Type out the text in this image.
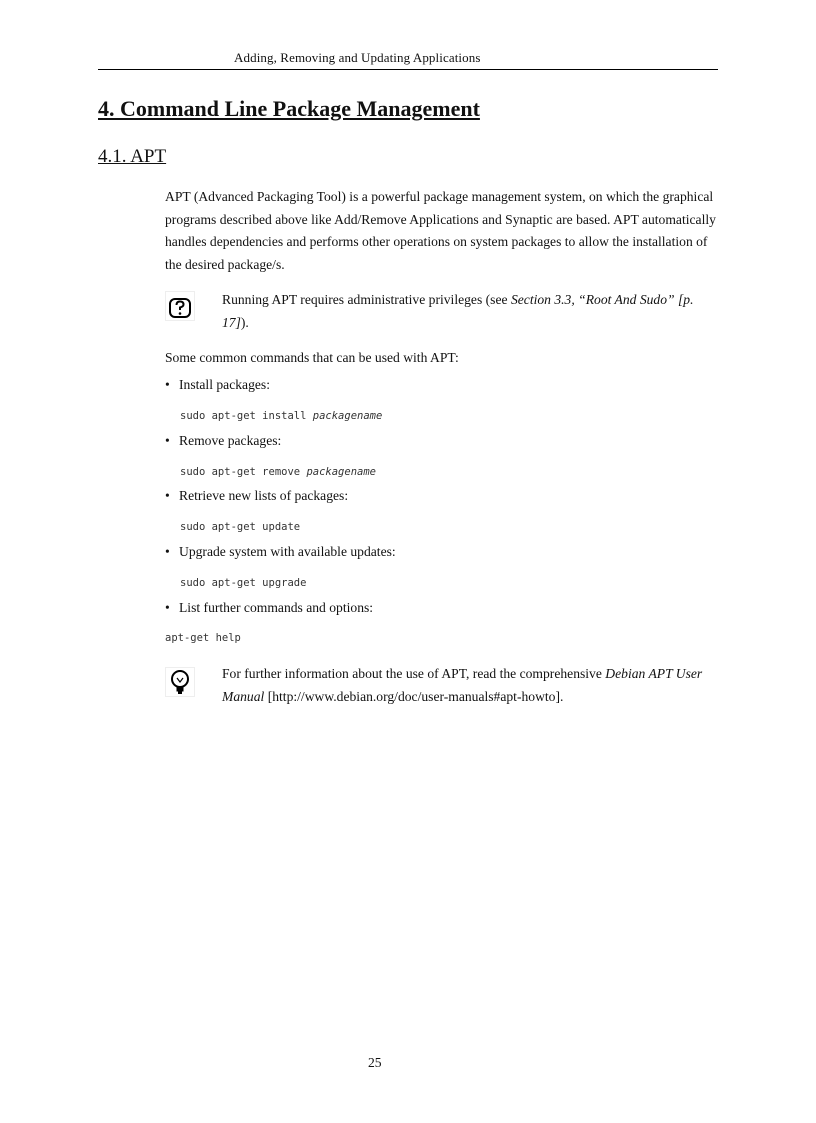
Adding, Removing and Updating Applications
4. Command Line Package Management
4.1. APT

APT (Advanced Packaging Tool) is a powerful package management system, on which the graphical programs described above like Add/Remove Applications and Synaptic are based. APT automatically handles dependencies and performs other operations on system packages to allow the installation of the desired package/s.

Running APT requires administrative privileges (see Section 3.3, “Root And Sudo” [p. 17]).
Some common commands that can be used with APT:
• Install packages:
sudo apt-get install packagename
• Remove packages:
sudo apt-get remove packagename
• Retrieve new lists of packages:
sudo apt-get update
• Upgrade system with available updates:
sudo apt-get upgrade
• List further commands and options:
apt-get help
For further information about the use of APT, read the comprehensive Debian APT User Manual [http://www.debian.org/doc/user-manuals#apt-howto].
25
